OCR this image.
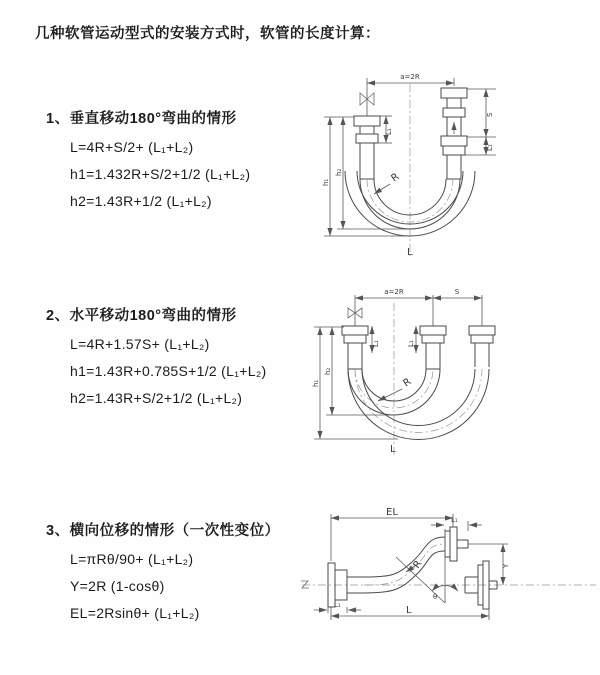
几种软管运动型式的安装方式时，软管的长度计算：
1、垂直移动180°弯曲的情形
L=4R+S/2+ (L₁+L₂)
h1=1.432R+S/2+1/2 (L₁+L₂)
h2=1.43R+1/2 (L₁+L₂)
2、水平移动180°弯曲的情形
L=4R+1.57S+ (L₁+L₂)
h1=1.43R+0.785S+1/2 (L₁+L₂)
h2=1.43R+S/2+1/2 (L₁+L₂)
3、横向位移的情形（一次性变位）
L=πRθ/90+ (L₁+L₂)
Y=2R (1-cosθ)
EL=2Rsinθ+ (L₁+L₂)
a=2R
L₁
S
L₁
h₂
h₁	R
L
a=2R	S
L₁	L₁
h₂
h₁	R
L
L₁
EL
L₁
θ
R	Y
L
